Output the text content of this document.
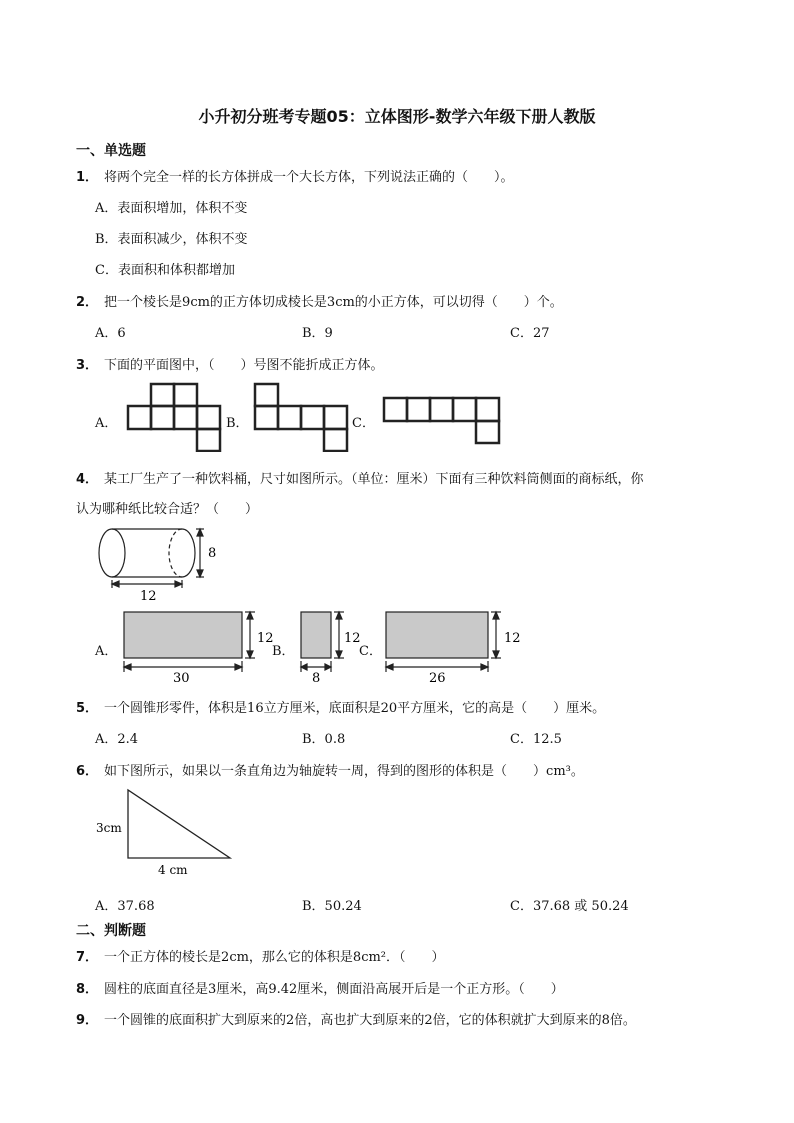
小升初分班考专题05：立体图形-数学六年级下册人教版
一、单选题
1． 将两个完全一样的长方体拼成一个大长方体，下列说法正确的（　　）。
A．表面积增加，体积不变
B．表面积减少，体积不变
C．表面积和体积都增加
2． 把一个棱长是9cm的正方体切成棱长是3cm的小正方体，可以切得（　　）个。
A．6	B．9	C．27
3． 下面的平面图中，（　　）号图不能折成正方体。
A．	B．	C．
4． 某工厂生产了一种饮料桶，尺寸如图所示。（单位：厘米）下面有三种饮料筒侧面的商标纸，你
认为哪种纸比较合适？（　　）
8
12
A．	B．	C．
30
12
8
12
26
12
5． 一个圆锥形零件，体积是16立方厘米，底面积是20平方厘米，它的高是（　　）厘米。
A．2.4	B．0.8	C．12.5
6． 如下图所示，如果以一条直角边为轴旋转一周，得到的图形的体积是（　　）cm³。
3cm
4 cm
A．37.68	B．50.24	C．37.68 或 50.24
二、判断题
7． 一个正方体的棱长是2cm，那么它的体积是8cm²．（　　）
8． 圆柱的底面直径是3厘米，高9.42厘米，侧面沿高展开后是一个正方形。（　　）
9． 一个圆锥的底面积扩大到原来的2倍，高也扩大到原来的2倍，它的体积就扩大到原来的8倍。
